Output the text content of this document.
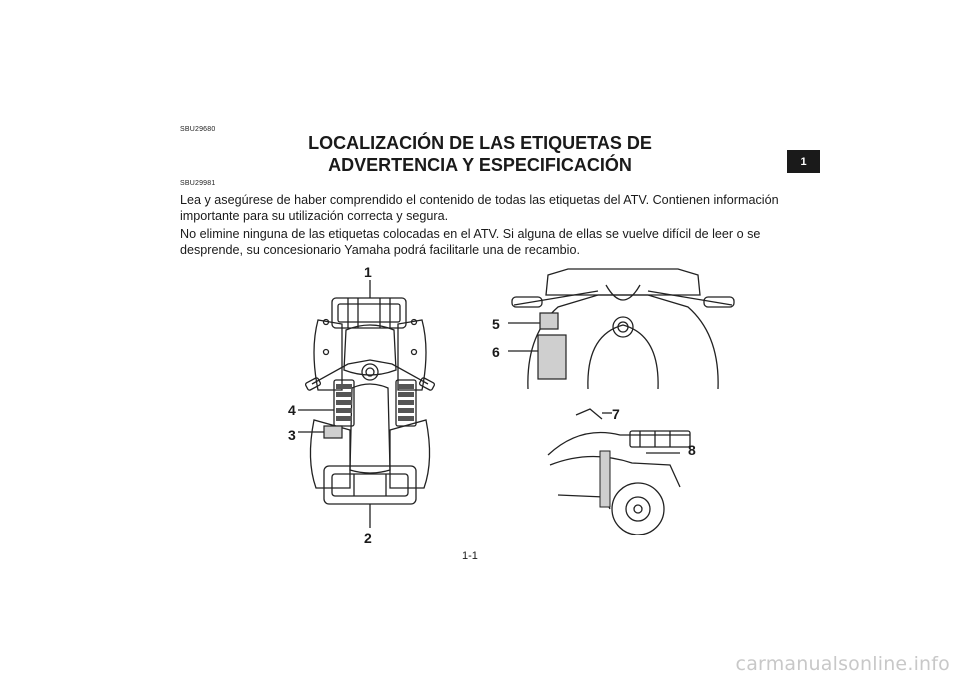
SBU29680
LOCALIZACIÓN DE LAS ETIQUETAS DE
ADVERTENCIA Y ESPECIFICACIÓN
SBU29981
Lea y asegúrese de haber comprendido el contenido de todas las etiquetas del ATV. Contienen información importante para su utilización correcta y segura.
No elimine ninguna de las etiquetas colocadas en el ATV. Si alguna de ellas se vuelve difícil de leer o se desprende, su concesionario Yamaha podrá facilitarle una de recambio.
1
1
2
3
4
5
6
7
8
1-1
carmanualsonline.info
